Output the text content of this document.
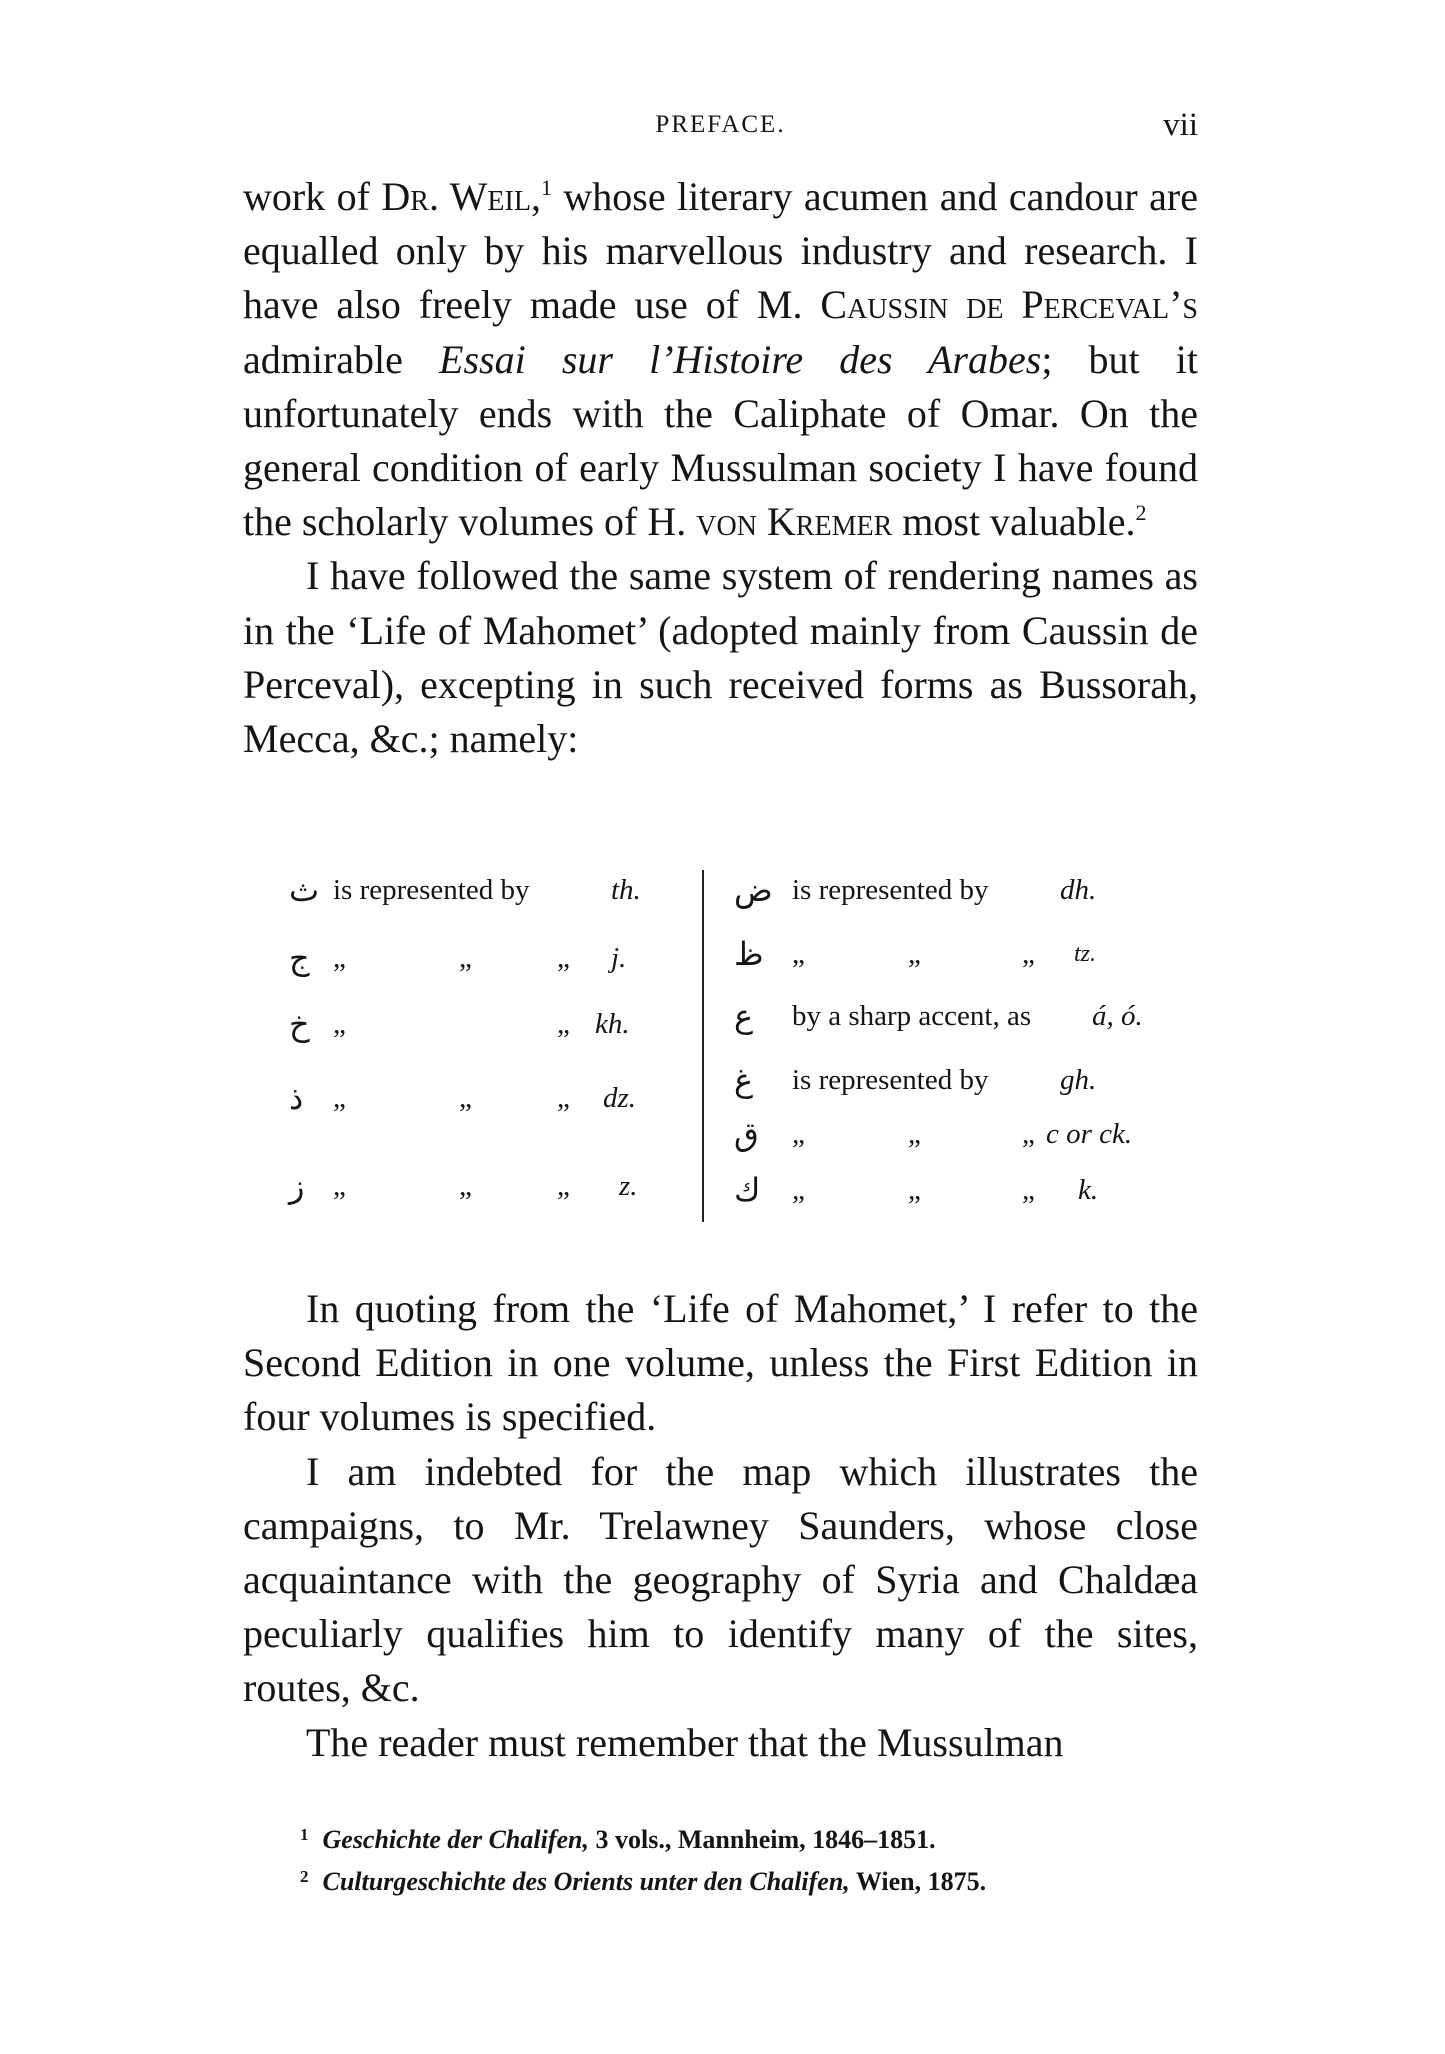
PREFACE.	vii

work of Dr. Weil,$^1$ whose literary acumen and candour are equalled only by his marvellous industry and research. I have also freely made use of M. Caussin de Perceval’s admirable Essai sur l’Histoire des Arabes; but it unfortunately ends with the Caliphate of Omar. On the general condition of early Mussulman society I have found the scholarly volumes of H. von Kremer most valuable.$^2$

I have followed the same system of rendering names as in the ‘Life of Mahomet’ (adopted mainly from Caussin de Perceval), excepting in such received forms as Bussorah, Mecca, &c.; namely:

ث is represented by	th.
ج „	„	„ j.
خ „	„ kh.
ذ „	„	„ dz.
ز „	„	„ z.
ض is represented by dh.
ظ „	„	„ tz.
ع by a sharp accent, as á, ó.
غ is represented by gh.
ق „	„	„ c or ck.
ك „	„	„ k.

In quoting from the ‘Life of Mahomet,’ I refer to the Second Edition in one volume, unless the First Edition in four volumes is specified.

I am indebted for the map which illustrates the campaigns, to Mr. Trelawney Saunders, whose close acquaintance with the geography of Syria and Chaldæa peculiarly qualifies him to identify many of the sites, routes, &c.

The reader must remember that the Mussulman

$^1$ Geschichte der Chalifen, 3 vols., Mannheim, 1846–1851.
$^2$ Culturgeschichte des Orients unter den Chalifen, Wien, 1875.
